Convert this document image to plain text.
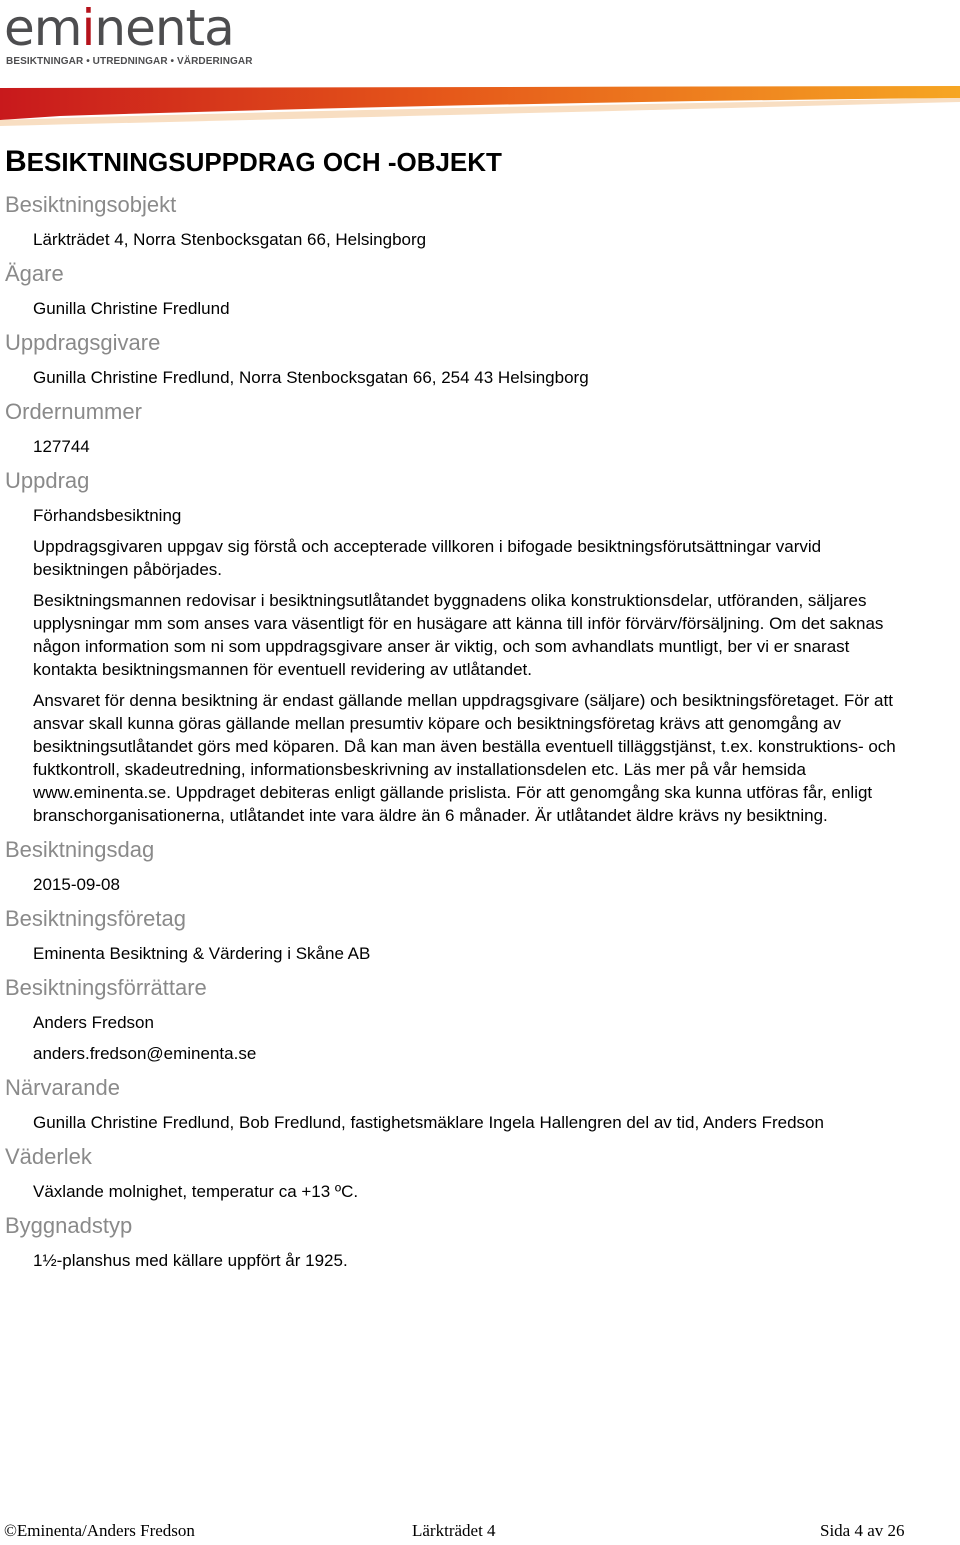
eminenta
BESIKTNINGAR • UTREDNINGAR • VÄRDERINGAR
BESIKTNINGSUPPDRAG OCH -OBJEKT
Besiktningsobjekt
Lärkträdet 4, Norra Stenbocksgatan 66, Helsingborg
Ägare
Gunilla Christine Fredlund
Uppdragsgivare
Gunilla Christine Fredlund, Norra Stenbocksgatan 66, 254 43 Helsingborg
Ordernummer
127744
Uppdrag
Förhandsbesiktning
Uppdragsgivaren uppgav sig förstå och accepterade villkoren i bifogade besiktningsförutsättningar varvid besiktningen påbörjades.
Besiktningsmannen redovisar i besiktningsutlåtandet byggnadens olika konstruktionsdelar, utföranden, säljares upplysningar mm som anses vara väsentligt för en husägare att känna till inför förvärv/försäljning. Om det saknas någon information som ni som uppdragsgivare anser är viktig, och som avhandlats muntligt, ber vi er snarast kontakta besiktningsmannen för eventuell revidering av utlåtandet.
Ansvaret för denna besiktning är endast gällande mellan uppdragsgivare (säljare) och besiktningsföretaget. För att ansvar skall kunna göras gällande mellan presumtiv köpare och besiktningsföretag krävs att genomgång av besiktningsutlåtandet görs med köparen. Då kan man även beställa eventuell tilläggstjänst, t.ex. konstruktions- och fuktkontroll, skadeutredning, informationsbeskrivning av installationsdelen etc. Läs mer på vår hemsida www.eminenta.se. Uppdraget debiteras enligt gällande prislista. För att genomgång ska kunna utföras får, enligt branschorganisationerna, utlåtandet inte vara äldre än 6 månader. Är utlåtandet äldre krävs ny besiktning.
Besiktningsdag
2015-09-08
Besiktningsföretag
Eminenta Besiktning & Värdering i Skåne AB
Besiktningsförrättare
Anders Fredson
anders.fredson@eminenta.se
Närvarande
Gunilla Christine Fredlund, Bob Fredlund, fastighetsmäklare Ingela Hallengren del av tid, Anders Fredson
Väderlek
Växlande molnighet, temperatur ca +13 ºC.
Byggnadstyp
1½-planshus med källare uppfört år 1925.
©Eminenta/Anders Fredson	Lärkträdet 4	Sida 4 av 26
